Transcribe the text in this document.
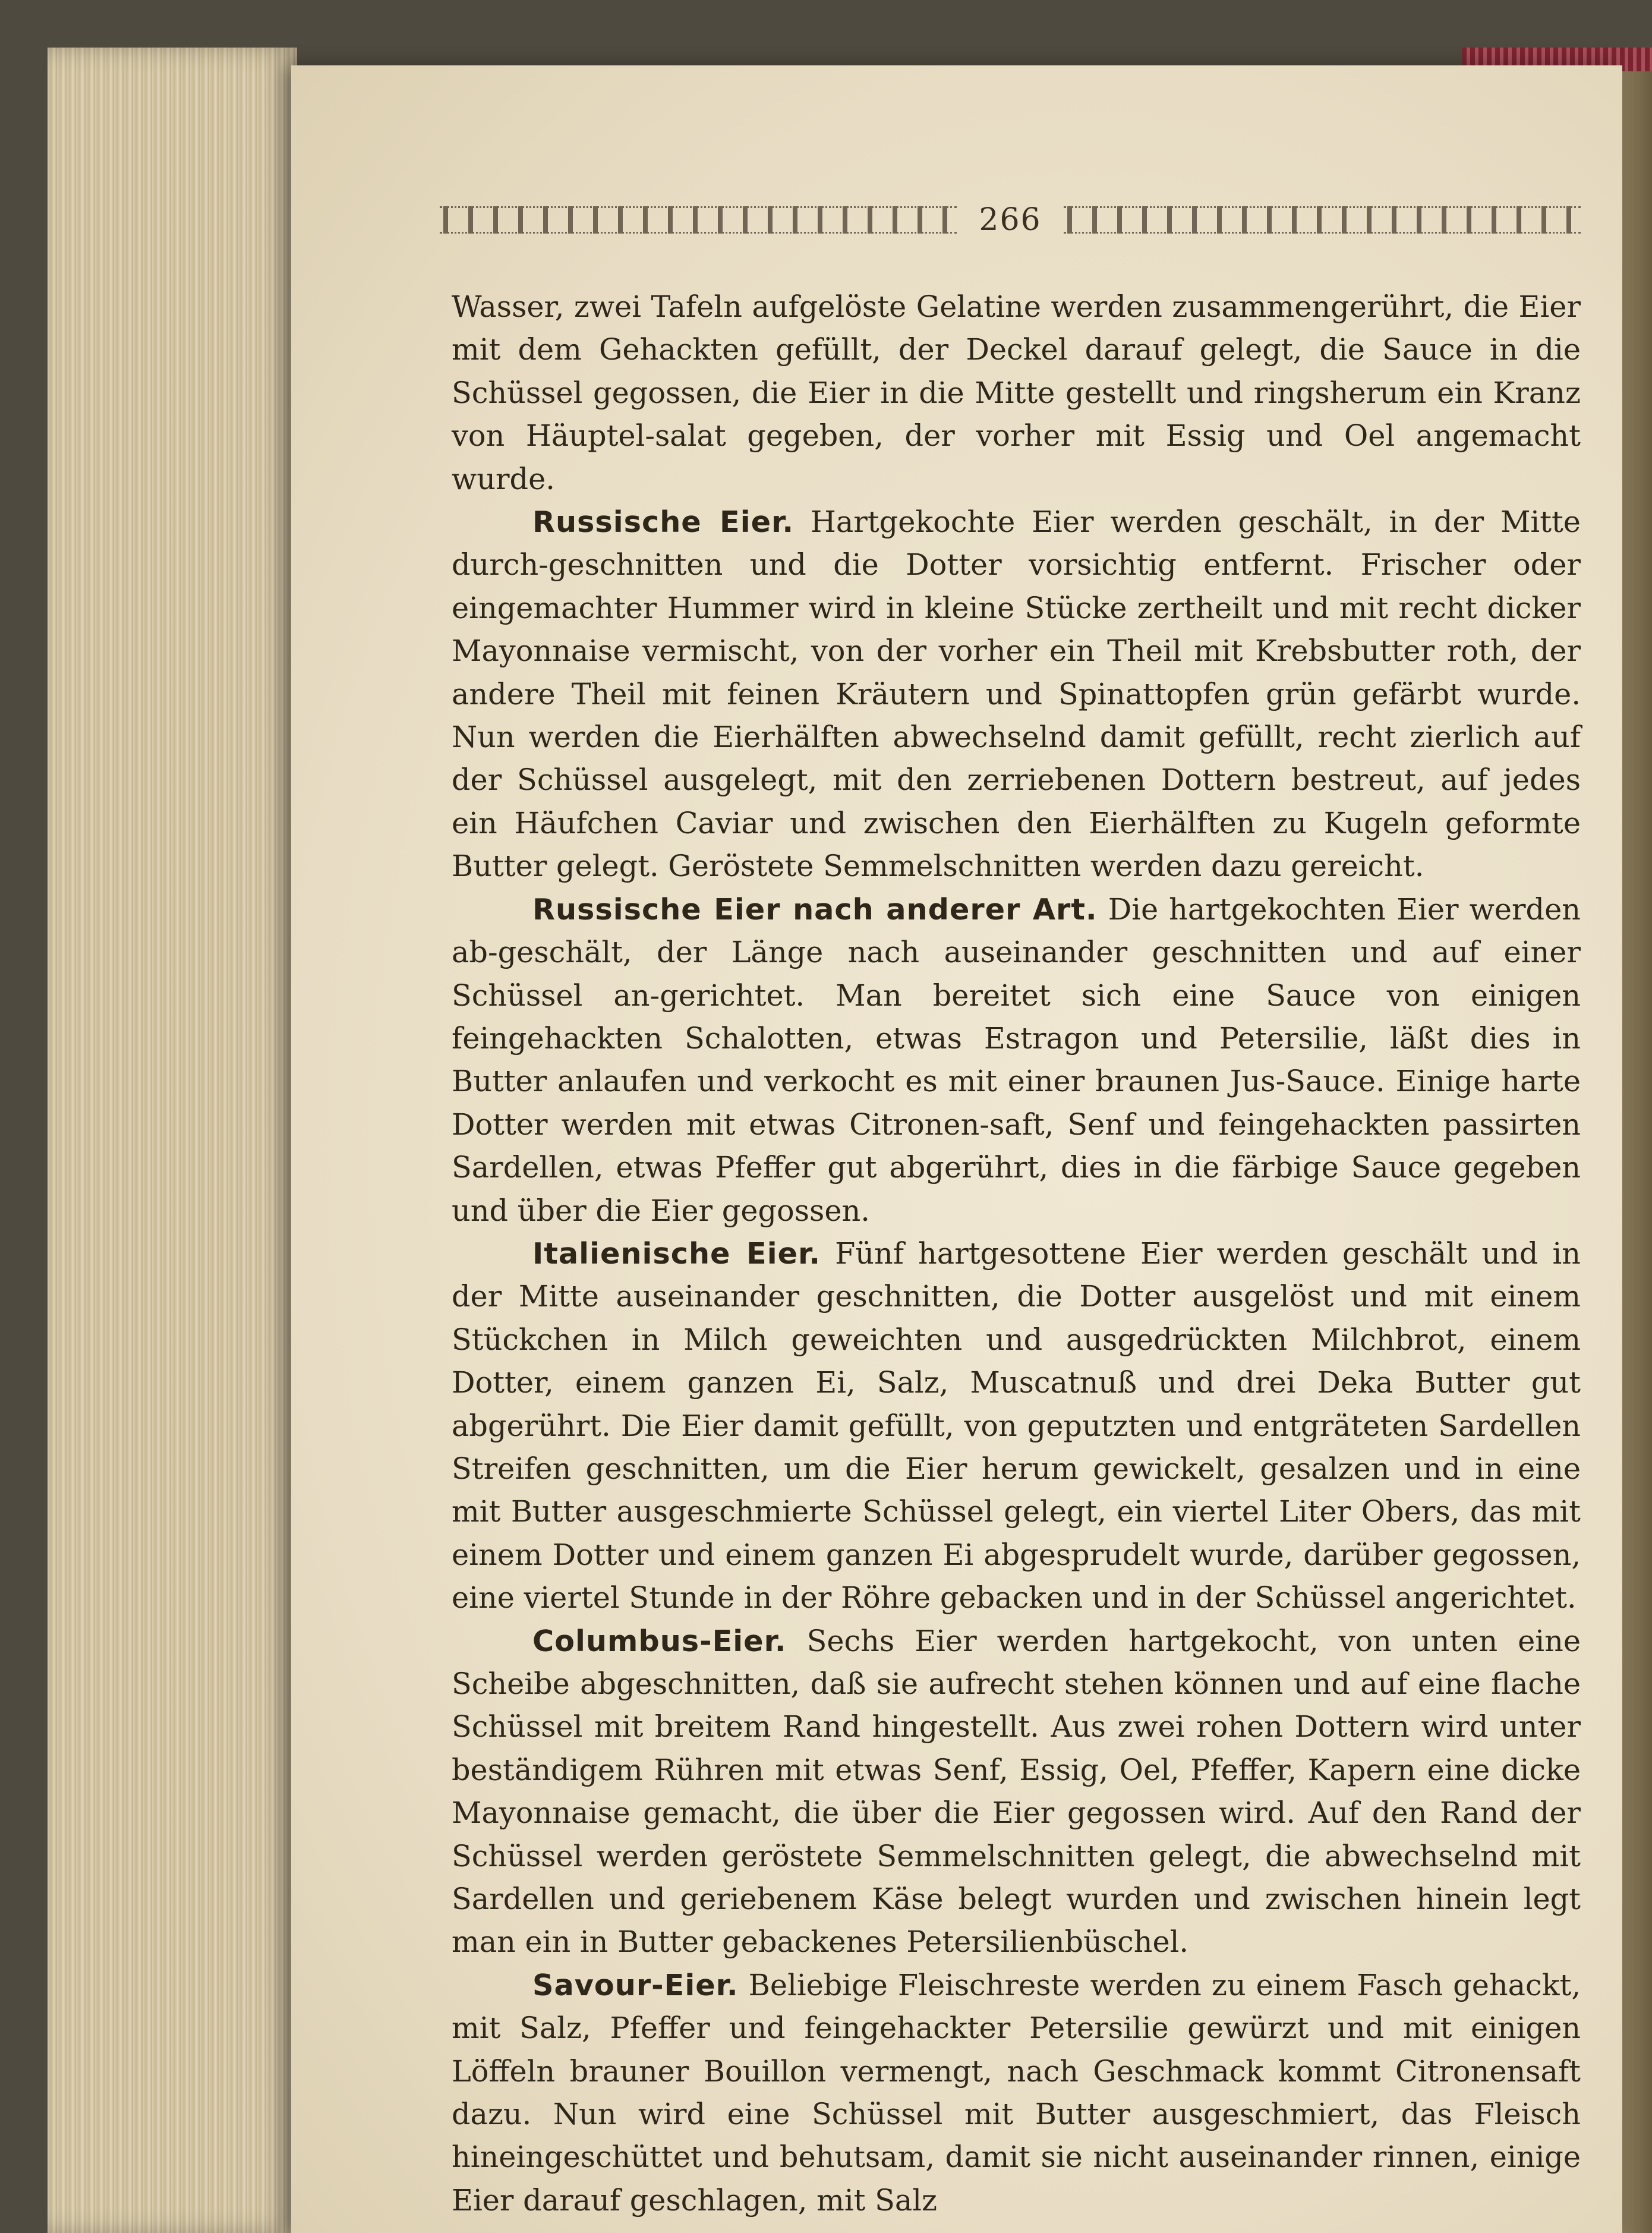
266

Wasser, zwei Tafeln aufgelöste Gelatine werden zusammengerührt, die Eier mit dem Gehackten gefüllt, der Deckel darauf gelegt, die Sauce in die Schüssel gegossen, die Eier in die Mitte gestellt und ringsherum ein Kranz von Häuptel-salat gegeben, der vorher mit Essig und Oel angemacht wurde.

Russische Eier. Hartgekochte Eier werden geschält, in der Mitte durch-geschnitten und die Dotter vorsichtig entfernt. Frischer oder eingemachter Hummer wird in kleine Stücke zertheilt und mit recht dicker Mayonnaise vermischt, von der vorher ein Theil mit Krebsbutter roth, der andere Theil mit feinen Kräutern und Spinattopfen grün gefärbt wurde. Nun werden die Eierhälften abwechselnd damit gefüllt, recht zierlich auf der Schüssel ausgelegt, mit den zerriebenen Dottern bestreut, auf jedes ein Häufchen Caviar und zwischen den Eierhälften zu Kugeln geformte Butter gelegt. Geröstete Semmelschnitten werden dazu gereicht.

Russische Eier nach anderer Art. Die hartgekochten Eier werden ab-geschält, der Länge nach auseinander geschnitten und auf einer Schüssel an-gerichtet. Man bereitet sich eine Sauce von einigen feingehackten Schalotten, etwas Estragon und Petersilie, läßt dies in Butter anlaufen und verkocht es mit einer braunen Jus-Sauce. Einige harte Dotter werden mit etwas Citronen-saft, Senf und feingehackten passirten Sardellen, etwas Pfeffer gut abgerührt, dies in die färbige Sauce gegeben und über die Eier gegossen.

Italienische Eier. Fünf hartgesottene Eier werden geschält und in der Mitte auseinander geschnitten, die Dotter ausgelöst und mit einem Stückchen in Milch geweichten und ausgedrückten Milchbrot, einem Dotter, einem ganzen Ei, Salz, Muscatnuß und drei Deka Butter gut abgerührt. Die Eier damit gefüllt, von geputzten und entgräteten Sardellen Streifen geschnitten, um die Eier herum gewickelt, gesalzen und in eine mit Butter ausgeschmierte Schüssel gelegt, ein viertel Liter Obers, das mit einem Dotter und einem ganzen Ei abgesprudelt wurde, darüber gegossen, eine viertel Stunde in der Röhre gebacken und in der Schüssel angerichtet.

Columbus-Eier. Sechs Eier werden hartgekocht, von unten eine Scheibe abgeschnitten, daß sie aufrecht stehen können und auf eine flache Schüssel mit breitem Rand hingestellt. Aus zwei rohen Dottern wird unter beständigem Rühren mit etwas Senf, Essig, Oel, Pfeffer, Kapern eine dicke Mayonnaise gemacht, die über die Eier gegossen wird. Auf den Rand der Schüssel werden geröstete Semmelschnitten gelegt, die abwechselnd mit Sardellen und geriebenem Käse belegt wurden und zwischen hinein legt man ein in Butter gebackenes Petersilienbüschel.

Savour-Eier. Beliebige Fleischreste werden zu einem Fasch gehackt, mit Salz, Pfeffer und feingehackter Petersilie gewürzt und mit einigen Löffeln brauner Bouillon vermengt, nach Geschmack kommt Citronensaft dazu. Nun wird eine Schüssel mit Butter ausgeschmiert, das Fleisch hineingeschüttet und behutsam, damit sie nicht auseinander rinnen, einige Eier darauf geschlagen, mit Salz
